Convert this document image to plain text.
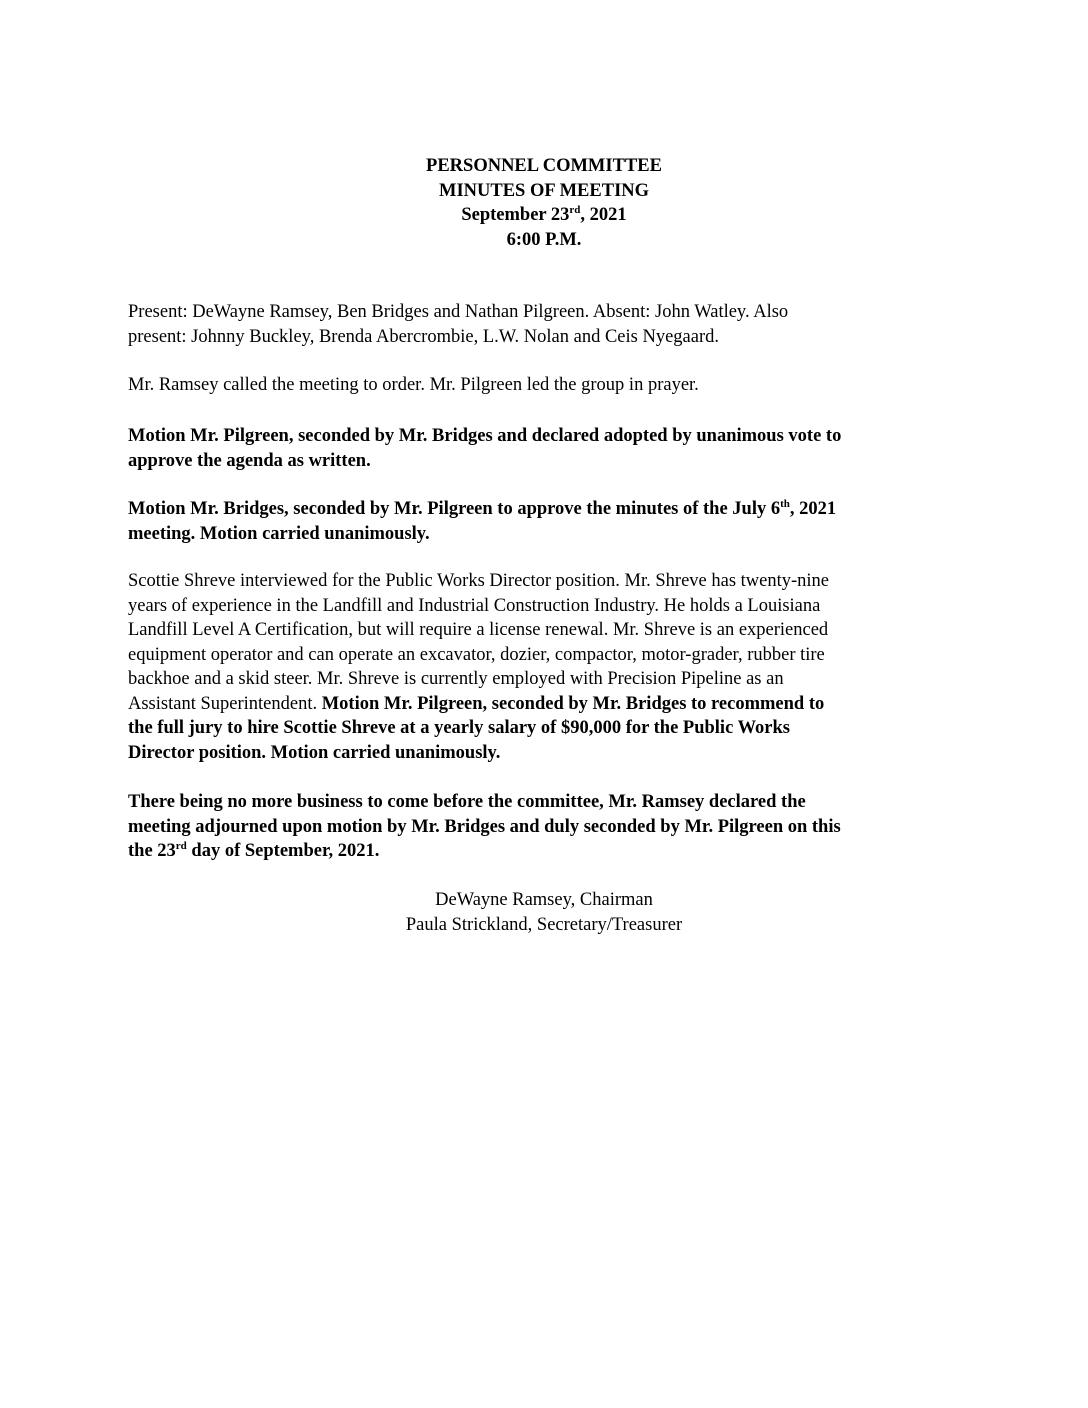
PERSONNEL COMMITTEE
MINUTES OF MEETING
September 23rd, 2021
6:00 P.M.

Present: DeWayne Ramsey, Ben Bridges and Nathan Pilgreen. Absent: John Watley. Also

present: Johnny Buckley, Brenda Abercrombie, L.W. Nolan and Ceis Nyegaard.

Mr. Ramsey called the meeting to order. Mr. Pilgreen led the group in prayer.

Motion Mr. Pilgreen, seconded by Mr. Bridges and declared adopted by unanimous vote to

approve the agenda as written.

Motion Mr. Bridges, seconded by Mr. Pilgreen to approve the minutes of the July 6th, 2021

meeting. Motion carried unanimously.

Scottie Shreve interviewed for the Public Works Director position. Mr. Shreve has twenty-nine

years of experience in the Landfill and Industrial Construction Industry. He holds a Louisiana

Landfill Level A Certification, but will require a license renewal. Mr. Shreve is an experienced

equipment operator and can operate an excavator, dozier, compactor, motor-grader, rubber tire

backhoe and a skid steer. Mr. Shreve is currently employed with Precision Pipeline as an

Assistant Superintendent. Motion Mr. Pilgreen, seconded by Mr. Bridges to recommend to

the full jury to hire Scottie Shreve at a yearly salary of $90,000 for the Public Works

Director position. Motion carried unanimously.

There being no more business to come before the committee, Mr. Ramsey declared the

meeting adjourned upon motion by Mr. Bridges and duly seconded by Mr. Pilgreen on this

the 23rd day of September, 2021.

DeWayne Ramsey, Chairman
Paula Strickland, Secretary/Treasurer
